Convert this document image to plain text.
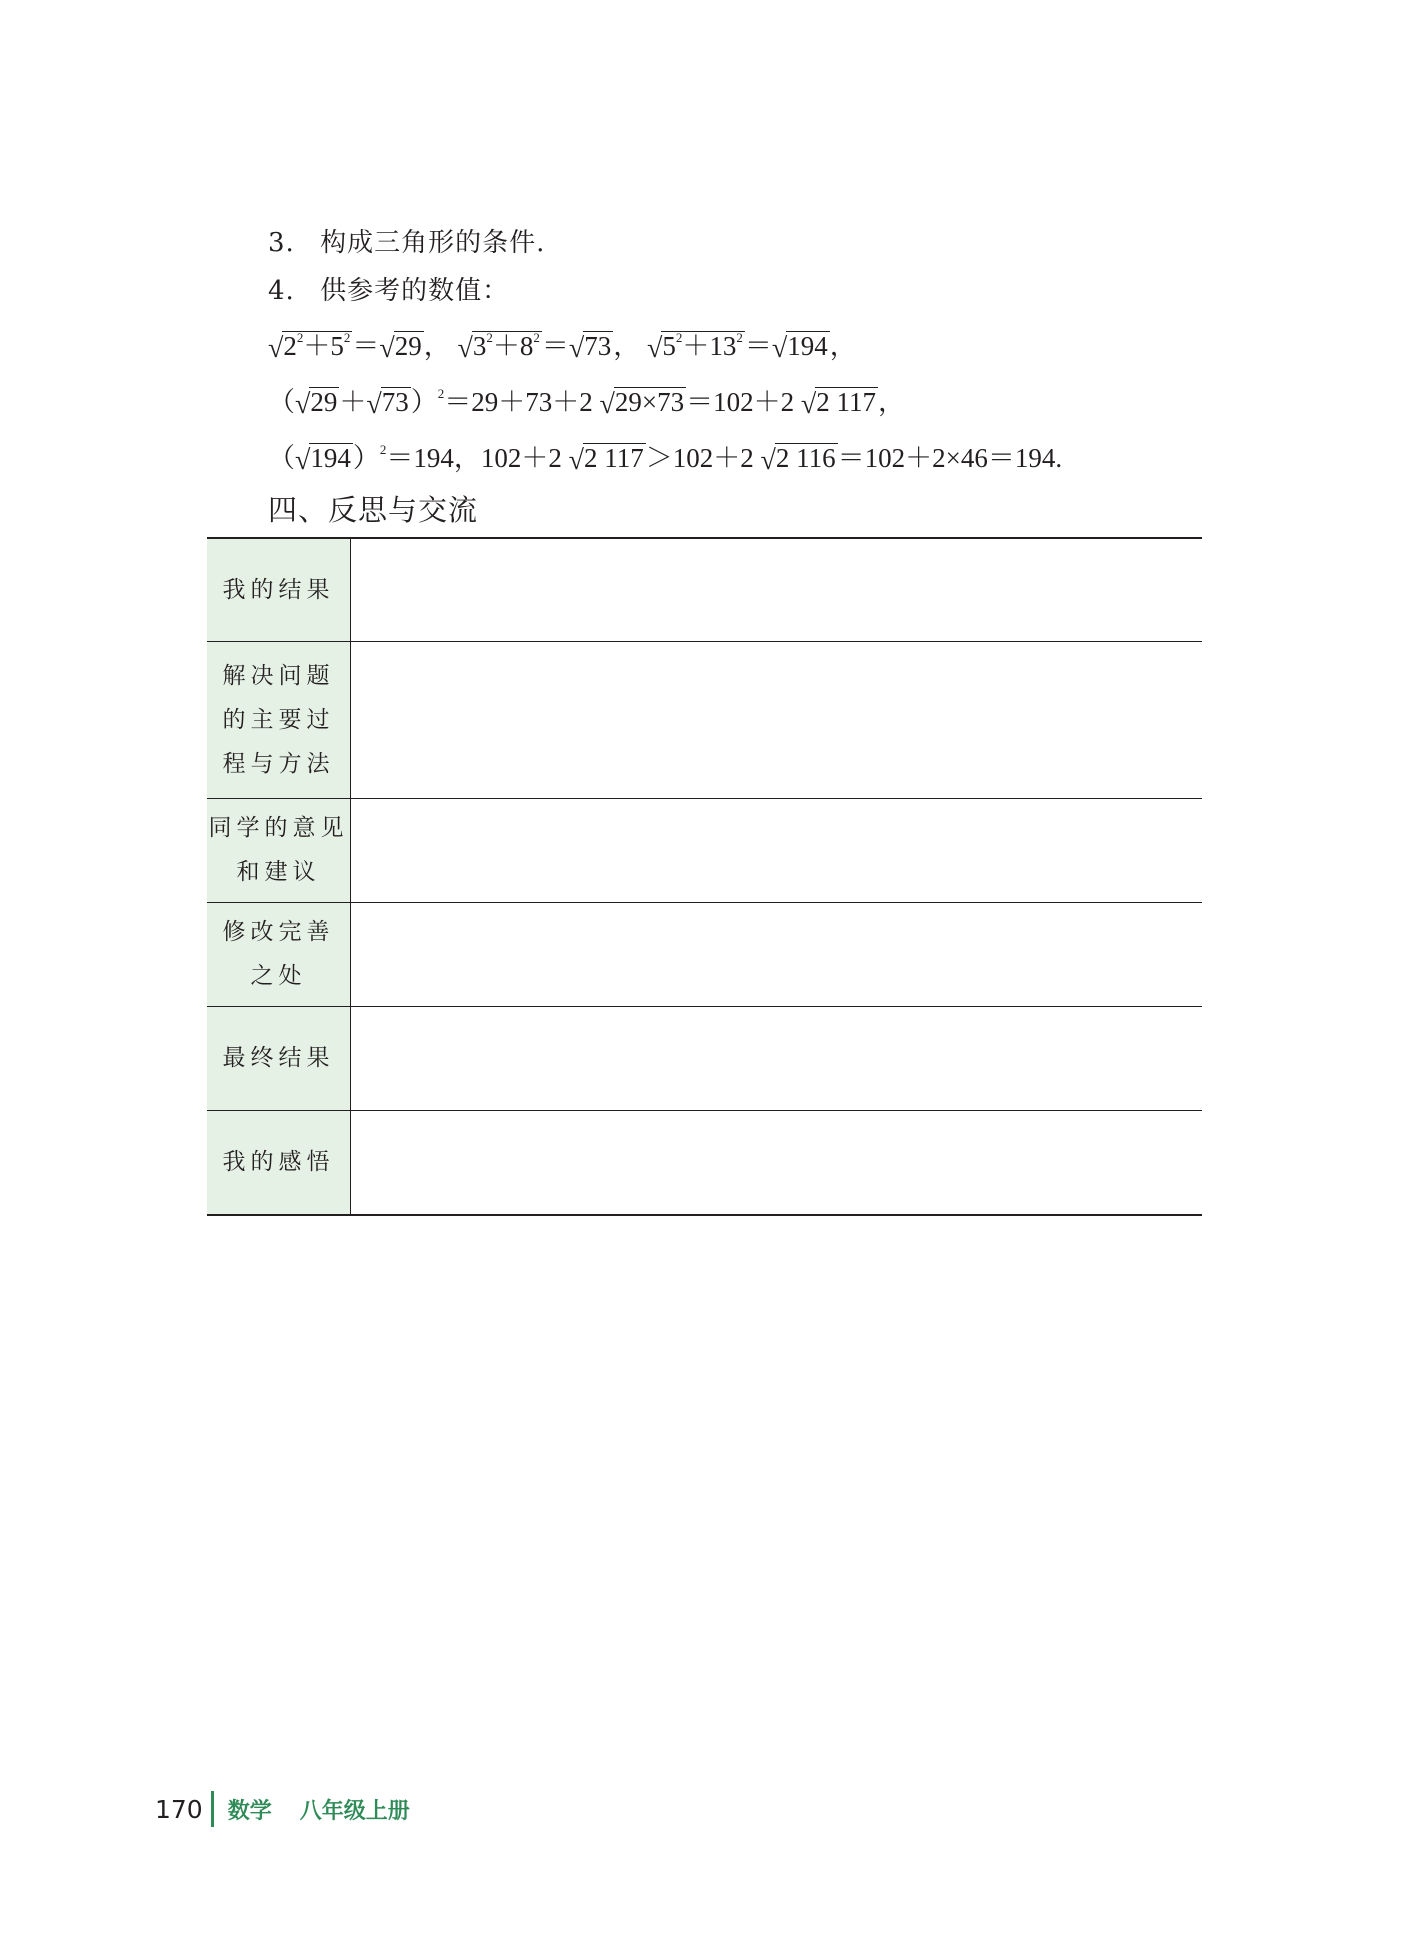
3. 构成三角形的条件.
4. 供参考的数值：
$√2^2+5^2=√29$， $√3^2+8^2=√73$， $√5^2+13^2=√194$，
$(√29+√73)^2=29+73+2$ √29×73＝102＋2 √2 117，
$(√194)^2=194$，102＋2 √2 117＞102＋2 √2 116＝102＋2×46＝194.
四、反思与交流
我的结果	

解决问题
的主要过
程与方法	

同学的意见
和建议	

修改完善
之处	

最终结果	

我的感悟	

170 数学 八年级上册
